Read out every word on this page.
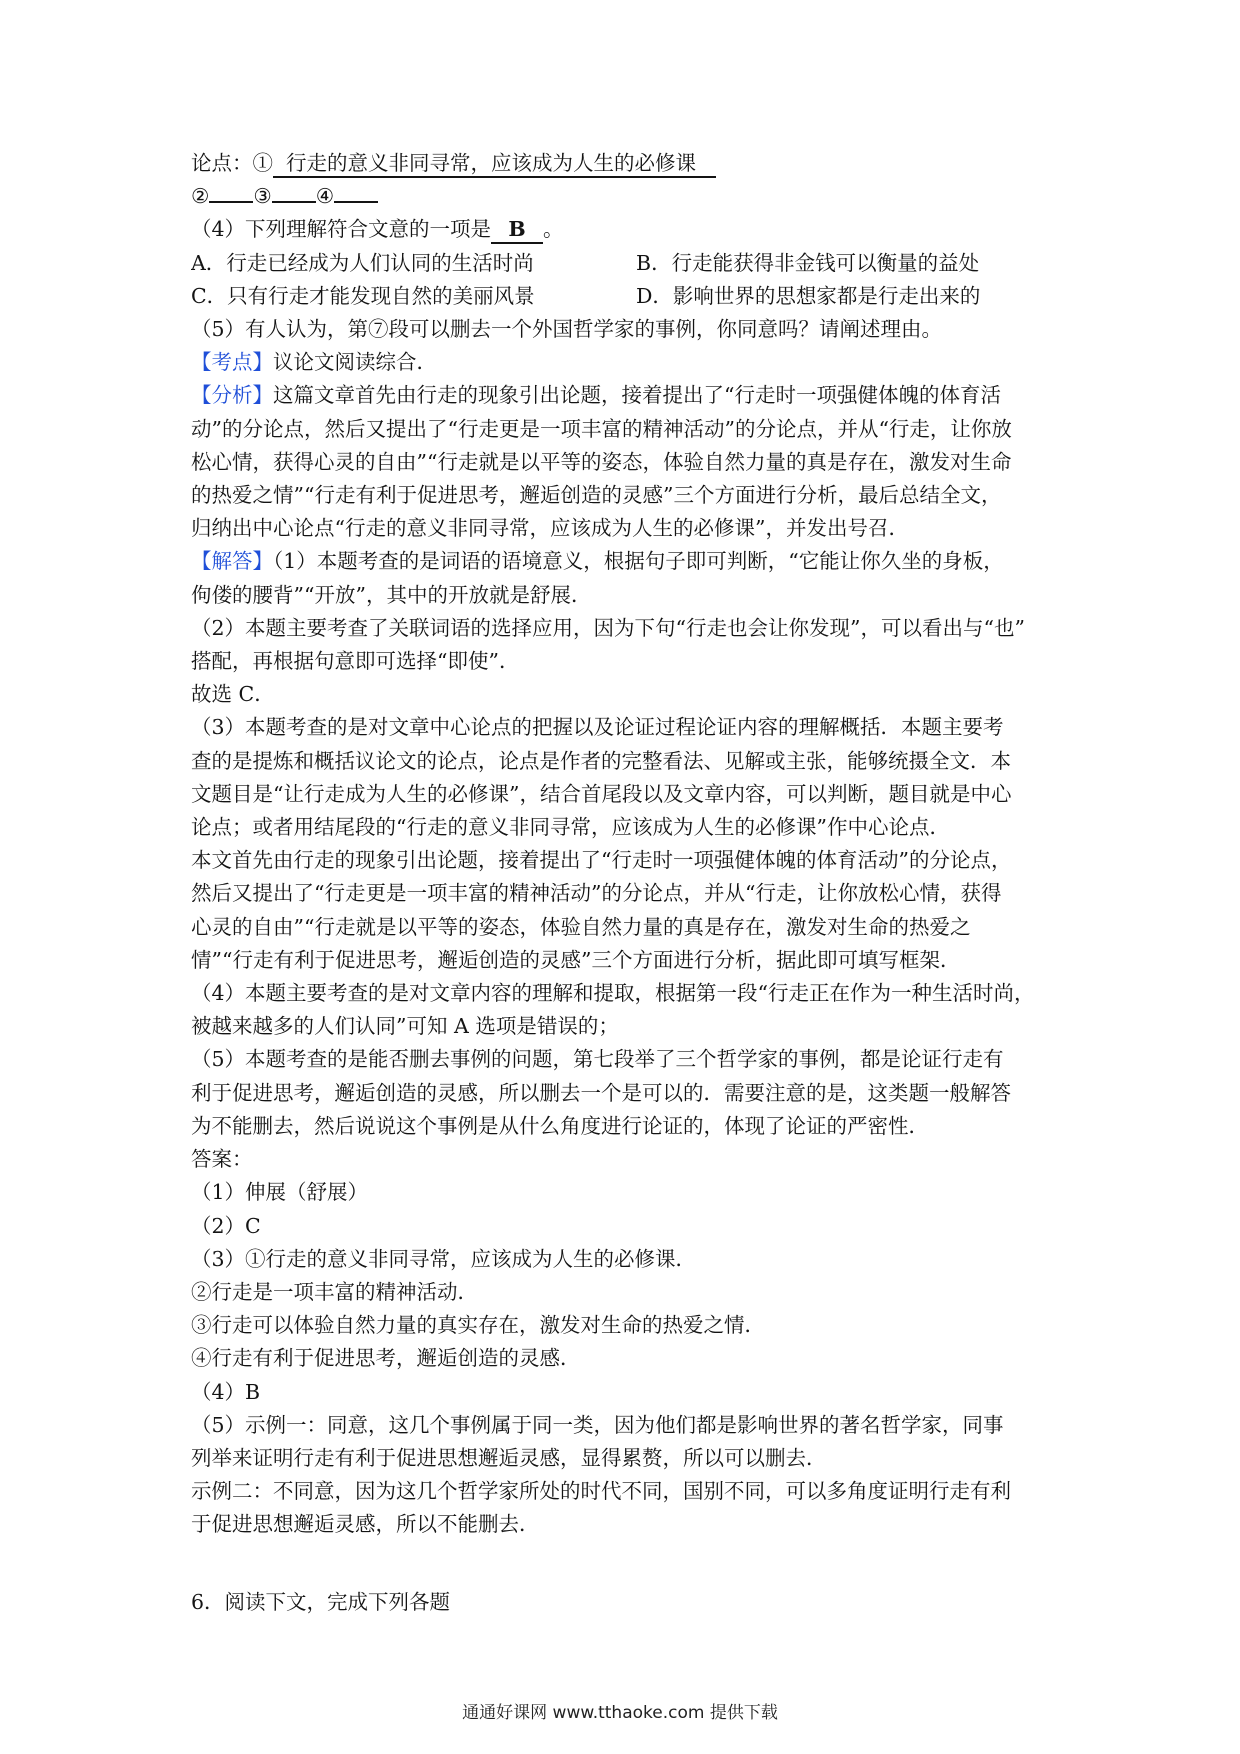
论点：① 行走的意义非同寻常，应该成为人生的必修课
② ③ ④
（4）下列理解符合文意的一项是 B 。
A．行走已经成为人们认同的生活时尚	B．行走能获得非金钱可以衡量的益处
C．只有行走才能发现自然的美丽风景	D．影响世界的思想家都是行走出来的
（5）有人认为，第⑦段可以删去一个外国哲学家的事例，你同意吗？请阐述理由。
【考点】议论文阅读综合．
【分析】这篇文章首先由行走的现象引出论题，接着提出了“行走时一项强健体魄的体育活
动”的分论点，然后又提出了“行走更是一项丰富的精神活动”的分论点，并从“行走，让你放
松心情，获得心灵的自由”“行走就是以平等的姿态，体验自然力量的真是存在，激发对生命
的热爱之情”“行走有利于促进思考，邂逅创造的灵感”三个方面进行分析，最后总结全文，
归纳出中心论点“行走的意义非同寻常，应该成为人生的必修课”，并发出号召．
【解答】（1）本题考查的是词语的语境意义，根据句子即可判断，“它能让你久坐的身板，
佝偻的腰背”“开放”，其中的开放就是舒展．
（2）本题主要考查了关联词语的选择应用，因为下句“行走也会让你发现”，可以看出与“也”
搭配，再根据句意即可选择“即使”．
故选 C．
（3）本题考查的是对文章中心论点的把握以及论证过程论证内容的理解概括．本题主要考
查的是提炼和概括议论文的论点，论点是作者的完整看法、见解或主张，能够统摄全文．本
文题目是“让行走成为人生的必修课”，结合首尾段以及文章内容，可以判断，题目就是中心
论点；或者用结尾段的“行走的意义非同寻常，应该成为人生的必修课”作中心论点．
本文首先由行走的现象引出论题，接着提出了“行走时一项强健体魄的体育活动”的分论点，
然后又提出了“行走更是一项丰富的精神活动”的分论点，并从“行走，让你放松心情，获得
心灵的自由”“行走就是以平等的姿态，体验自然力量的真是存在，激发对生命的热爱之
情”“行走有利于促进思考，邂逅创造的灵感”三个方面进行分析，据此即可填写框架．
（4）本题主要考查的是对文章内容的理解和提取，根据第一段“行走正在作为一种生活时尚，
被越来越多的人们认同”可知 A 选项是错误的；
（5）本题考查的是能否删去事例的问题，第七段举了三个哲学家的事例，都是论证行走有
利于促进思考，邂逅创造的灵感，所以删去一个是可以的．需要注意的是，这类题一般解答
为不能删去，然后说说这个事例是从什么角度进行论证的，体现了论证的严密性．
答案：
（1）伸展（舒展）
（2）C
（3）①行走的意义非同寻常，应该成为人生的必修课．
②行走是一项丰富的精神活动．
③行走可以体验自然力量的真实存在，激发对生命的热爱之情．
④行走有利于促进思考，邂逅创造的灵感．
（4）B
（5）示例一：同意，这几个事例属于同一类，因为他们都是影响世界的著名哲学家，同事
列举来证明行走有利于促进思想邂逅灵感，显得累赘，所以可以删去．
示例二：不同意，因为这几个哲学家所处的时代不同，国别不同，可以多角度证明行走有利
于促进思想邂逅灵感，所以不能删去．
6．阅读下文，完成下列各题
通通好课网 www.tthaoke.com 提供下载
